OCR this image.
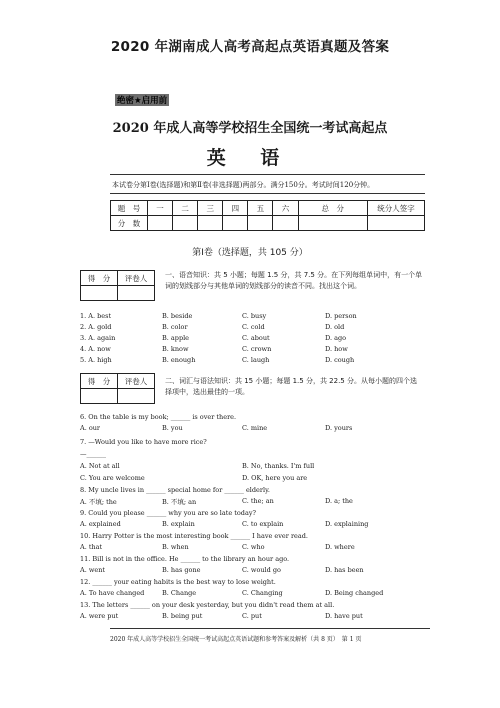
2020 年湖南成人高考高起点英语真题及答案
绝密★启用前
2020 年成人高等学校招生全国统一考试高起点
英 语
本试卷分第Ⅰ卷(选择题)和第Ⅱ卷(非选择题)两部分。满分150分。考试时间120分钟。
题　号	一	二	三	四	五	六	总　分	统分人签字
分　数								
第Ⅰ卷（选择题，共 105 分）
得　分	评卷人
		一、语音知识：共 5 小题；每题 1.5 分，共 7.5 分。在下列每组单词中，有一个单词的划线部分与其他单词的划线部分的读音不同。找出这个词。
1. A. best	B. beside	C. busy	D. person
2. A. gold	B. color	C. cold	D. old
3. A. again	B. apple	C. about	D. ago
4. A. now	B. know	C. crown	D. how
5. A. high	B. enough	C. laugh	D. cough
得　分	评卷人
		二、词汇与语法知识：共 15 小题；每题 1.5 分，共 22.5 分。从每小题的四个选择项中，选出最佳的一项。
6. On the table is my book; ______ is over there.
A. our	B. you	C. mine	D. yours
7. —Would you like to have more rice?
—______
A. Not at all	B. No, thanks. I'm full
C. You are welcome	D. OK, here you are
8. My uncle lives in ______ special home for ______ elderly.
A. 不填; the	B. 不填; an	C. the; an	D. a; the
9. Could you please ______ why you are so late today?
A. explained	B. explain	C. to explain	D. explaining
10. Harry Potter is the most interesting book ______ I have ever read.
A. that	B. when	C. who	D. where
11. Bill is not in the office. He ______ to the library an hour ago.
A. went	B. has gone	C. would go	D. has been
12. ______ your eating habits is the best way to lose weight.
A. To have changed	B. Change	C. Changing	D. Being changed
13. The letters ______ on your desk yesterday, but you didn't read them at all.
A. were put	B. being put	C. put	D. have put
2020 年成人高等学校招生全国统一考试高起点英语试题和参考答案及解析（共 8 页）　第 1 页
